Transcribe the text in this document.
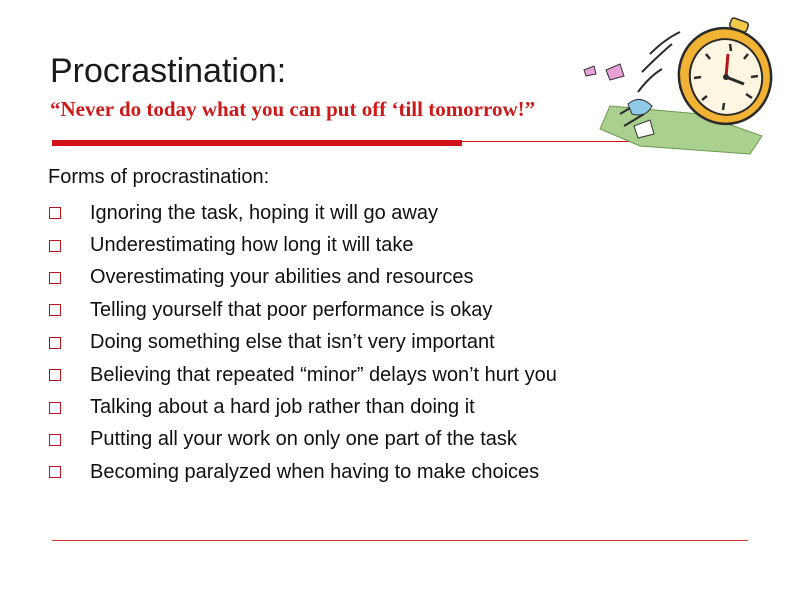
Procrastination:
“Never do today what you can put off ‘till tomorrow!”
Forms of procrastination:
Ignoring the task, hoping it will go away
Underestimating how long it will take
Overestimating your abilities and resources
Telling yourself that poor performance is okay
Doing something else that isn’t very important
Believing that repeated “minor” delays won’t hurt you
Talking about a hard job rather than doing it
Putting all your work on only one part of the task
Becoming paralyzed when having to make choices
